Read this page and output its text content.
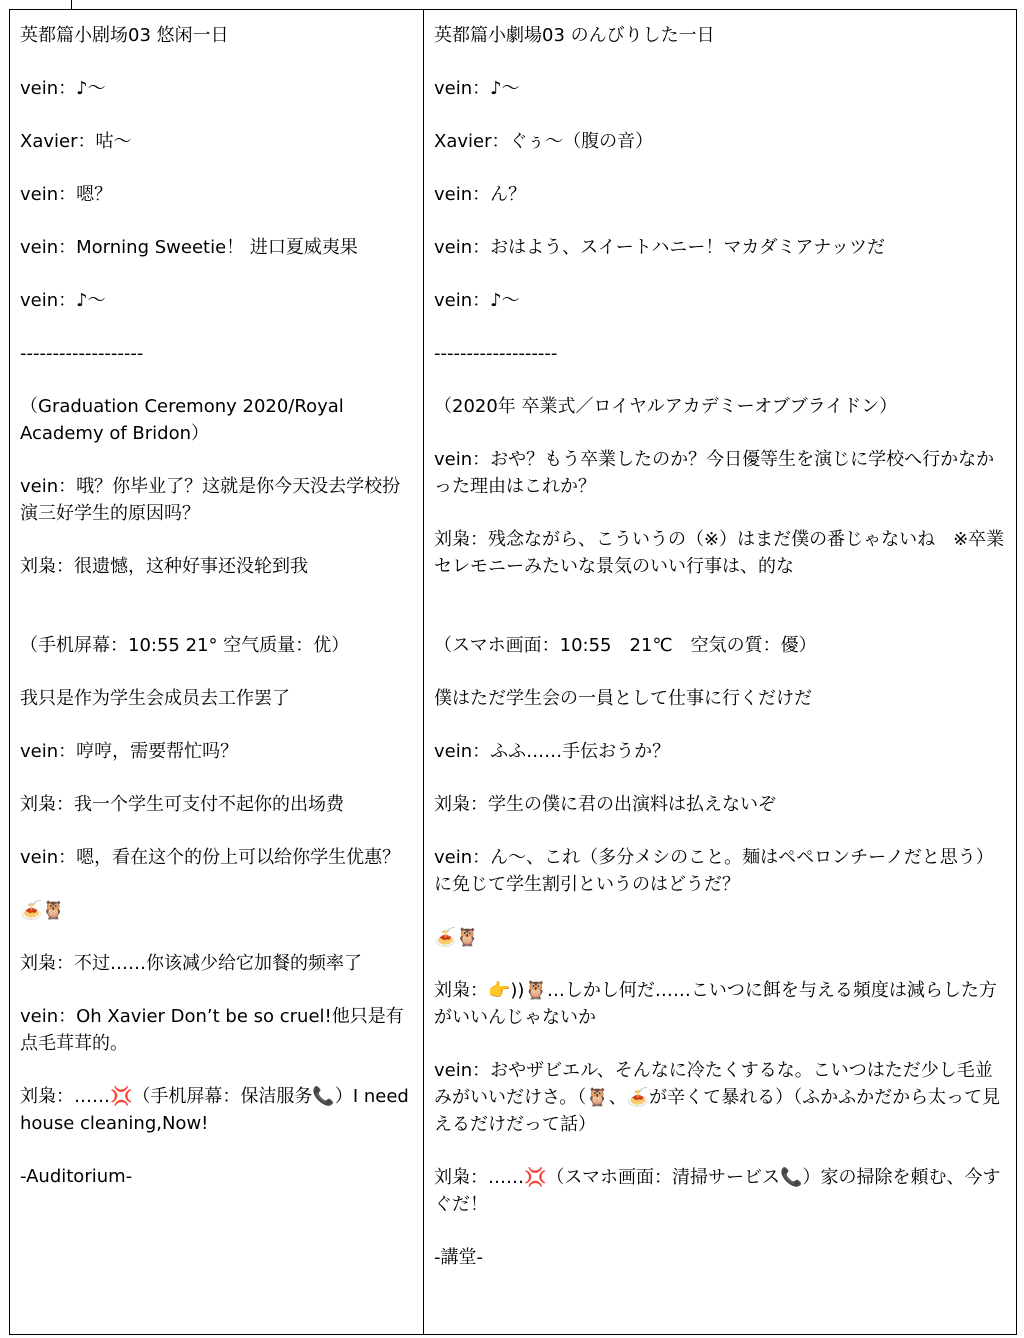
英都篇小剧场03 悠闲一日
vein：♪～
Xavier：咕～
vein：嗯？
vein：Morning Sweetie！ 进口夏威夷果
vein：♪～
-------------------
（Graduation Ceremony 2020/Royal Academy of Bridon）
vein：哦？你毕业了？这就是你今天没去学校扮演三好学生的原因吗？
刘枭：很遗憾，这种好事还没轮到我
（手机屏幕：10:55 21° 空气质量：优）
我只是作为学生会成员去工作罢了
vein：哼哼，需要帮忙吗？
刘枭：我一个学生可支付不起你的出场费
vein：嗯，看在这个的份上可以给你学生优惠？
🍝🦉
刘枭：不过……你该减少给它加餐的频率了
vein：Oh Xavier Don’t be so cruel!他只是有点毛茸茸的。
刘枭：……💢（手机屏幕：保洁服务📞）I need house cleaning,Now!
-Auditorium-

英都篇小劇場03 のんびりした一日
vein：♪～
Xavier：ぐぅ～（腹の音）
vein：ん？
vein：おはよう、スイートハニー！マカダミアナッツだ
vein：♪～
-------------------
（2020年 卒業式／ロイヤルアカデミーオブブライドン）
vein：おや？もう卒業したのか？今日優等生を演じに学校へ行かなかった理由はこれか？
刘枭：残念ながら、こういうの（※）はまだ僕の番じゃないね　※卒業セレモニーみたいな景気のいい行事は、的な
（スマホ画面：10:55　21℃　空気の質：優）
僕はただ学生会の一員として仕事に行くだけだ
vein：ふふ……手伝おうか？
刘枭：学生の僕に君の出演料は払えないぞ
vein：ん～、これ（多分メシのこと。麺はペペロンチーノだと思う）に免じて学生割引というのはどうだ？
🍝🦉
刘枭：👉))🦉…しかし何だ……こいつに餌を与える頻度は減らした方がいいんじゃないか
vein：おやザビエル、そんなに冷たくするな。こいつはただ少し毛並みがいいだけさ。（🦉、🍝が辛くて暴れる）（ふかふかだから太って見えるだけだって話）
刘枭：……💢（スマホ画面：清掃サービス📞）家の掃除を頼む、今すぐだ！
-講堂-
